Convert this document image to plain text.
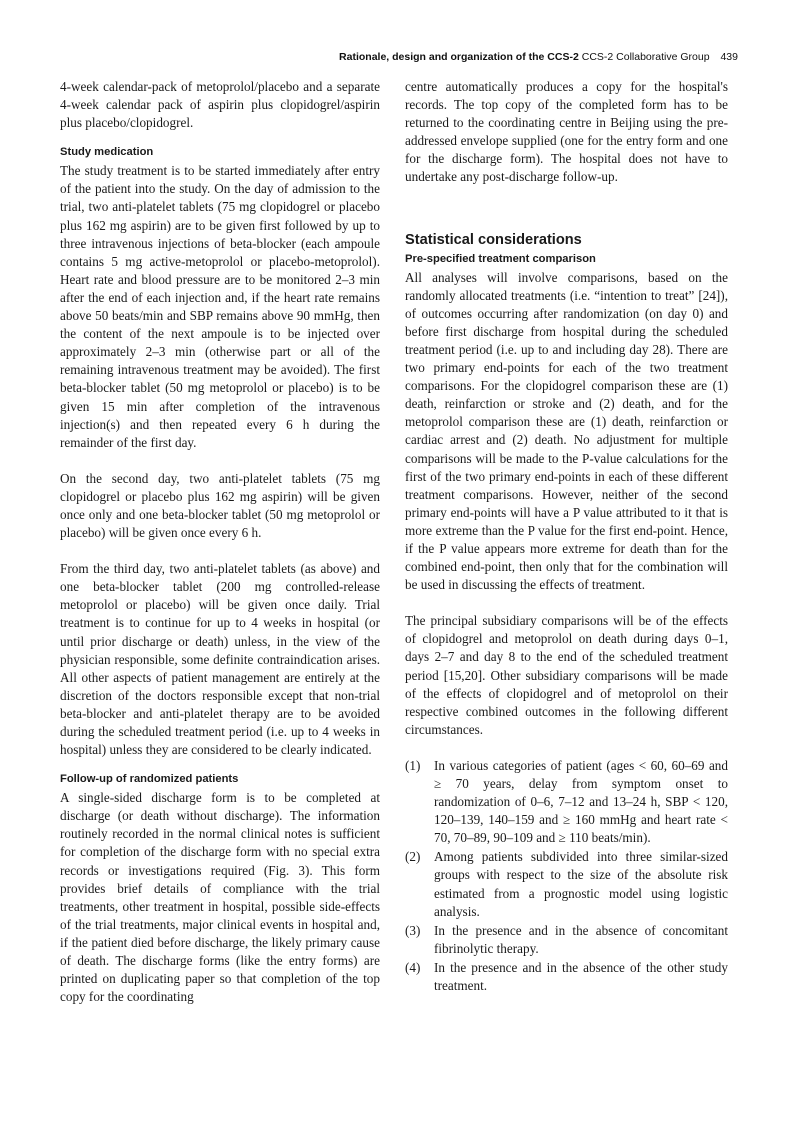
Rationale, design and organization of the CCS-2 CCS-2 Collaborative Group 439

4-week calendar-pack of metoprolol/placebo and a separate 4-week calendar pack of aspirin plus clopidogrel/aspirin plus placebo/clopidogrel.

Study medication

The study treatment is to be started immediately after entry of the patient into the study. On the day of admission to the trial, two anti-platelet tablets (75 mg clopidogrel or placebo plus 162 mg aspirin) are to be given first followed by up to three intravenous injections of beta-blocker (each ampoule contains 5 mg active-metoprolol or placebo-metoprolol). Heart rate and blood pressure are to be monitored 2–3 min after the end of each injection and, if the heart rate remains above 50 beats/min and SBP remains above 90 mmHg, then the content of the next ampoule is to be injected over approximately 2–3 min (otherwise part or all of the remaining intravenous treatment may be avoided). The first beta-blocker tablet (50 mg metoprolol or placebo) is to be given 15 min after completion of the intravenous injection(s) and then repeated every 6 h during the remainder of the first day.

On the second day, two anti-platelet tablets (75 mg clopidogrel or placebo plus 162 mg aspirin) will be given once only and one beta-blocker tablet (50 mg metoprolol or placebo) will be given once every 6 h.

From the third day, two anti-platelet tablets (as above) and one beta-blocker tablet (200 mg controlled-release metoprolol or placebo) will be given once daily. Trial treatment is to continue for up to 4 weeks in hospital (or until prior discharge or death) unless, in the view of the physician responsible, some definite contraindication arises. All other aspects of patient management are entirely at the discretion of the doctors responsible except that non-trial beta-blocker and anti-platelet therapy are to be avoided during the scheduled treatment period (i.e. up to 4 weeks in hospital) unless they are considered to be clearly indicated.

Follow-up of randomized patients

A single-sided discharge form is to be completed at discharge (or death without discharge). The information routinely recorded in the normal clinical notes is sufficient for completion of the discharge form with no special extra records or investigations required (Fig. 3). This form provides brief details of compliance with the trial treatments, other treatment in hospital, possible side-effects of the trial treatments, major clinical events in hospital and, if the patient died before discharge, the likely primary cause of death. The discharge forms (like the entry forms) are printed on duplicating paper so that completion of the top copy for the coordinating

centre automatically produces a copy for the hospital's records. The top copy of the completed form has to be returned to the coordinating centre in Beijing using the pre-addressed envelope supplied (one for the entry form and one for the discharge form). The hospital does not have to undertake any post-discharge follow-up.

Statistical considerations
Pre-specified treatment comparison

All analyses will involve comparisons, based on the randomly allocated treatments (i.e. “intention to treat” [24]), of outcomes occurring after randomization (on day 0) and before first discharge from hospital during the scheduled treatment period (i.e. up to and including day 28). There are two primary end-points for each of the two treatment comparisons. For the clopidogrel comparison these are (1) death, reinfarction or stroke and (2) death, and for the metoprolol comparison these are (1) death, reinfarction or cardiac arrest and (2) death. No adjustment for multiple comparisons will be made to the P-value calculations for the first of the two primary end-points in each of these different treatment comparisons. However, neither of the second primary end-points will have a P value attributed to it that is more extreme than the P value for the first end-point. Hence, if the P value appears more extreme for death than for the combined end-point, then only that for the combination will be used in discussing the effects of treatment.

The principal subsidiary comparisons will be of the effects of clopidogrel and metoprolol on death during days 0–1, days 2–7 and day 8 to the end of the scheduled treatment period [15,20]. Other subsidiary comparisons will be made of the effects of clopidogrel and of metoprolol on their respective combined outcomes in the following different circumstances.

(1)	In various categories of patient (ages < 60, 60–69 and ≥ 70 years, delay from symptom onset to randomization of 0–6, 7–12 and 13–24 h, SBP < 120, 120–139, 140–159 and ≥ 160 mmHg and heart rate < 70, 70–89, 90–109 and ≥ 110 beats/min).
(2)	Among patients subdivided into three similar-sized groups with respect to the size of the absolute risk estimated from a prognostic model using logistic analysis.
(3)	In the presence and in the absence of concomitant fibrinolytic therapy.
(4)	In the presence and in the absence of the other study treatment.
